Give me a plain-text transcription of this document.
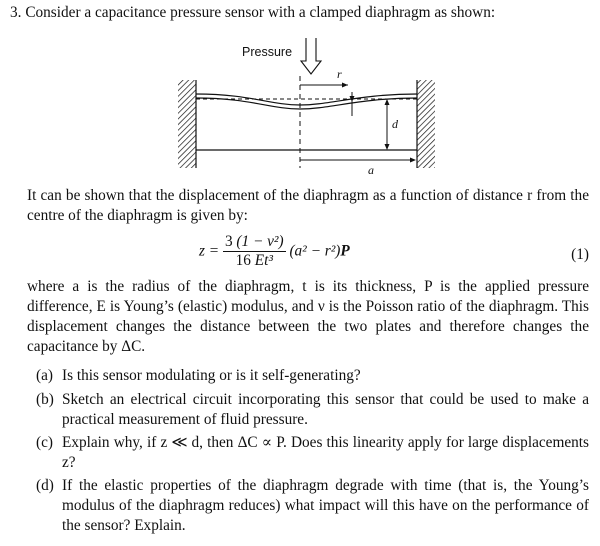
3. Consider a capacitance pressure sensor with a clamped diaphragm as shown:
Pressure
r
d
a
It can be shown that the displacement of the diaphragm as a function of distance r from the centre of the diaphragm is given by:
$z = \frac{\text{3 (1 − ν²)}}{\text{16 Et³}} (a^2 - r^2)P$	(1)
where a is the radius of the diaphragm, t is its thickness, P is the applied pressure difference, E is Young’s (elastic) modulus, and ν is the Poisson ratio of the diaphragm. This displacement changes the distance between the two plates and therefore changes the capacitance by ΔC.
(a) Is this sensor modulating or is it self-generating?
(b) Sketch an electrical circuit incorporating this sensor that could be used to make a practical measurement of fluid pressure.
(c) Explain why, if z ≪ d, then ΔC ∝ P. Does this linearity apply for large displacements z?
(d) If the elastic properties of the diaphragm degrade with time (that is, the Young’s modulus of the diaphragm reduces) what impact will this have on the performance of the sensor? Explain.
